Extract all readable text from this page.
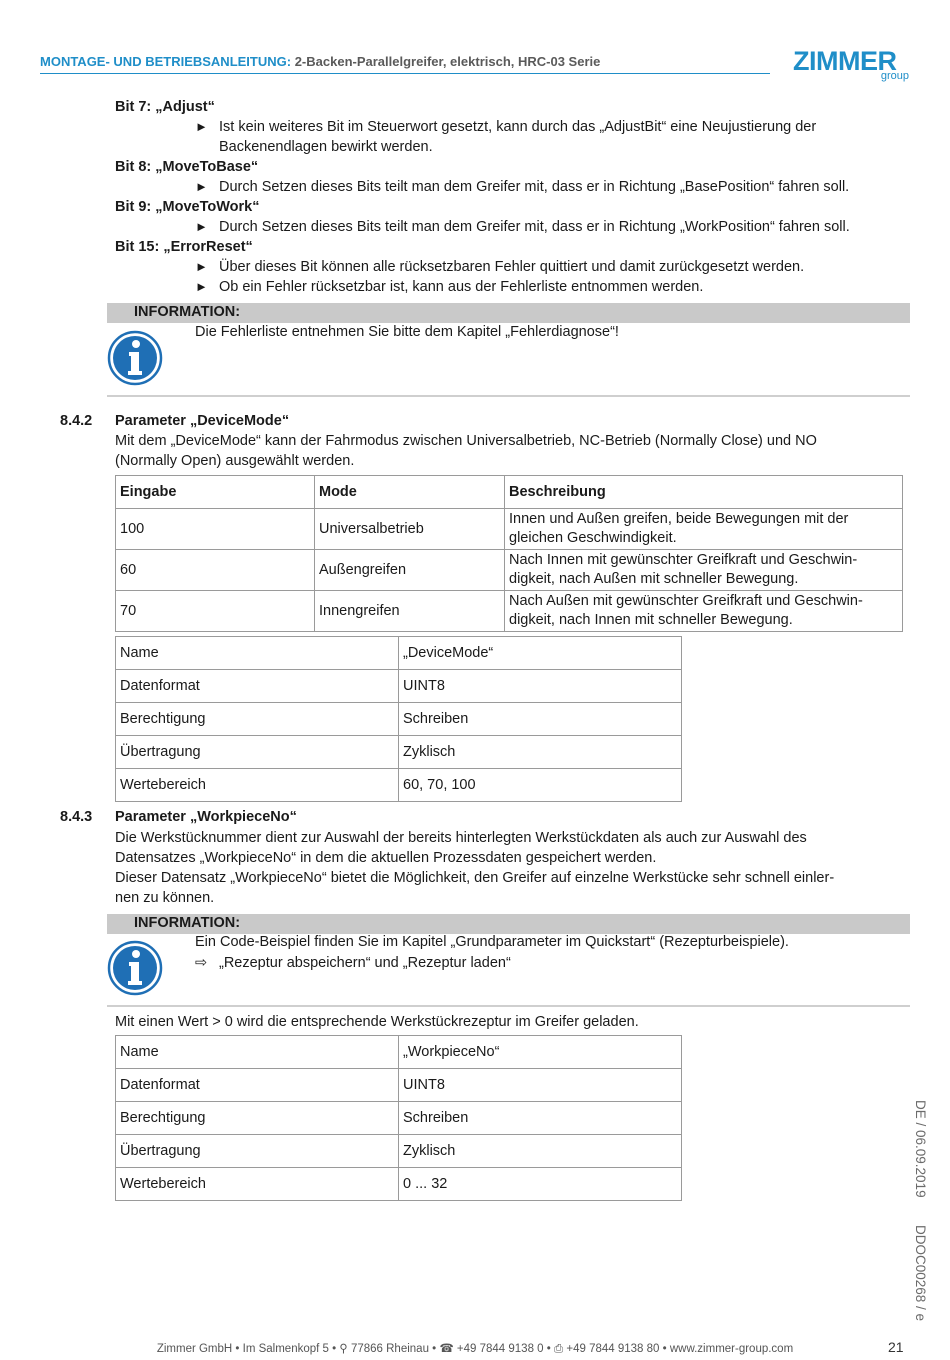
MONTAGE- UND BETRIEBSANLEITUNG: 2-Backen-Parallelgreifer, elektrisch, HRC-03 Serie	ZIMMER
group
Bit 7: „Adjust“
► Ist kein weiteres Bit im Steuerwort gesetzt, kann durch das „AdjustBit“ eine Neujustierung der
Backenendlagen bewirkt werden.
Bit 8: „MoveToBase“
► Durch Setzen dieses Bits teilt man dem Greifer mit, dass er in Richtung „BasePosition“ fahren soll.
Bit 9: „MoveToWork“
► Durch Setzen dieses Bits teilt man dem Greifer mit, dass er in Richtung „WorkPosition“ fahren soll.
Bit 15: „ErrorReset“
► Über dieses Bit können alle rücksetzbaren Fehler quittiert und damit zurückgesetzt werden.
► Ob ein Fehler rücksetzbar ist, kann aus der Fehlerliste entnommen werden.
INFORMATION:
Die Fehlerliste entnehmen Sie bitte dem Kapitel „Fehlerdiagnose“!
8.4.2 Parameter „DeviceMode“
Mit dem „DeviceMode“ kann der Fahrmodus zwischen Universalbetrieb, NC-Betrieb (Normally Close) und NO
(Normally Open) ausgewählt werden.
Eingabe	Mode	Beschreibung
100	Universalbetrieb	Innen und Außen greifen, beide Bewegungen mit der
gleichen Geschwindigkeit.

60	Außengreifen	Nach Innen mit gewünschter Greifkraft und Geschwin-
digkeit, nach Außen mit schneller Bewegung.

70	Innengreifen	Nach Außen mit gewünschter Greifkraft und Geschwin-
digkeit, nach Innen mit schneller Bewegung.
Name	„DeviceMode“
Datenformat	UINT8
Berechtigung	Schreiben
Übertragung	Zyklisch
Wertebereich	60, 70, 100
8.4.3 Parameter „WorkpieceNo“
Die Werkstücknummer dient zur Auswahl der bereits hinterlegten Werkstückdaten als auch zur Auswahl des
Datensatzes „WorkpieceNo“ in dem die aktuellen Prozessdaten gespeichert werden.
Dieser Datensatz „WorkpieceNo“ bietet die Möglichkeit, den Greifer auf einzelne Werkstücke sehr schnell einler-
nen zu können.
INFORMATION:
Ein Code-Beispiel finden Sie im Kapitel „Grundparameter im Quickstart“ (Rezepturbeispiele).
⇨ „Rezeptur abspeichern“ und „Rezeptur laden“
Mit einen Wert > 0 wird die entsprechende Werkstückrezeptur im Greifer geladen.
Name	„WorkpieceNo“
Datenformat	UINT8
Berechtigung	Schreiben
Übertragung	Zyklisch
Wertebereich	0 ... 32	DE / 06.09.2019
DDOC00268 / e
Zimmer GmbH • Im Salmenkopf 5 • ⚲ 77866 Rheinau • ☎ +49 7844 9138 0 • ⎙ +49 7844 9138 80 • www.zimmer-group.com	21
